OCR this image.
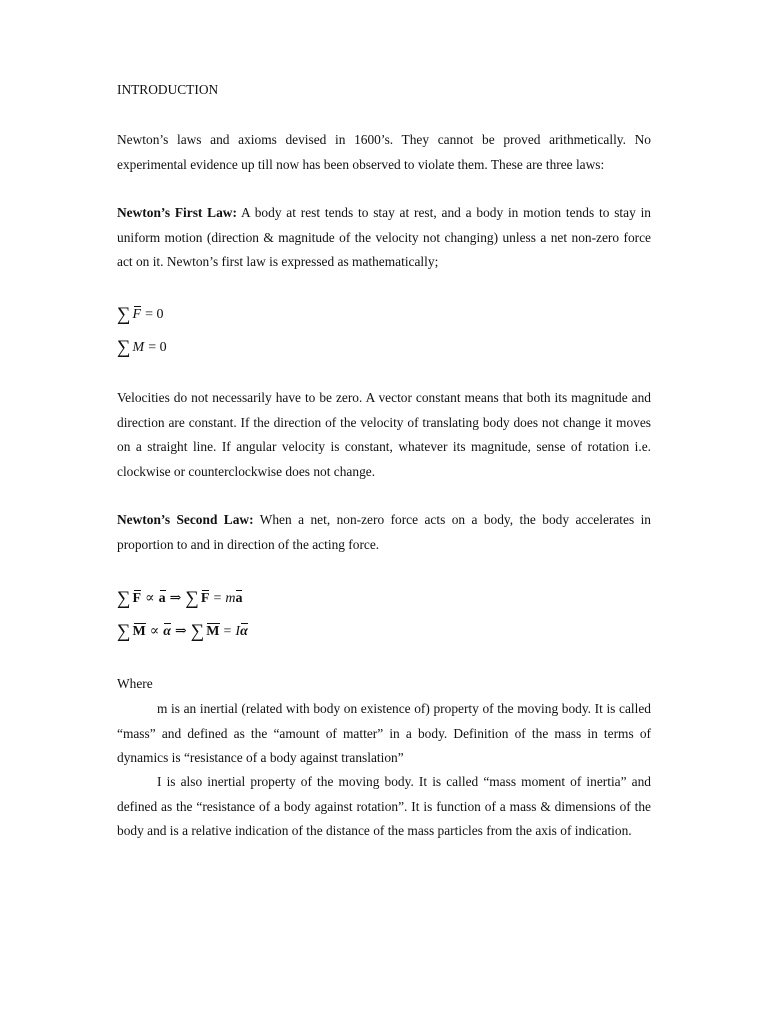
INTRODUCTION

Newton’s laws and axioms devised in 1600’s. They cannot be proved arithmetically. No experimental evidence up till now has been observed to violate them. These are three laws:

Newton’s First Law: A body at rest tends to stay at rest, and a body in motion tends to stay in uniform motion (direction & magnitude of the velocity not changing) unless a net non-zero force act on it. Newton’s first law is expressed as mathematically;

∑ F = 0
∑ M = 0

Velocities do not necessarily have to be zero. A vector constant means that both its magnitude and direction are constant. If the direction of the velocity of translating body does not change it moves on a straight line. If angular velocity is constant, whatever its magnitude, sense of rotation i.e. clockwise or counterclockwise does not change.

Newton’s Second Law: When a net, non-zero force acts on a body, the body accelerates in proportion to and in direction of the acting force.

∑ F ∝ a ⇒ ∑ F = ma
∑ M ∝ α ⇒ ∑ M = Iα

Where

m is an inertial (related with body on existence of) property of the moving body. It is called “mass” and defined as the “amount of matter” in a body. Definition of the mass in terms of dynamics is “resistance of a body against translation”

I is also inertial property of the moving body. It is called “mass moment of inertia” and defined as the “resistance of a body against rotation”. It is function of a mass & dimensions of the body and is a relative indication of the distance of the mass particles from the axis of indication.
